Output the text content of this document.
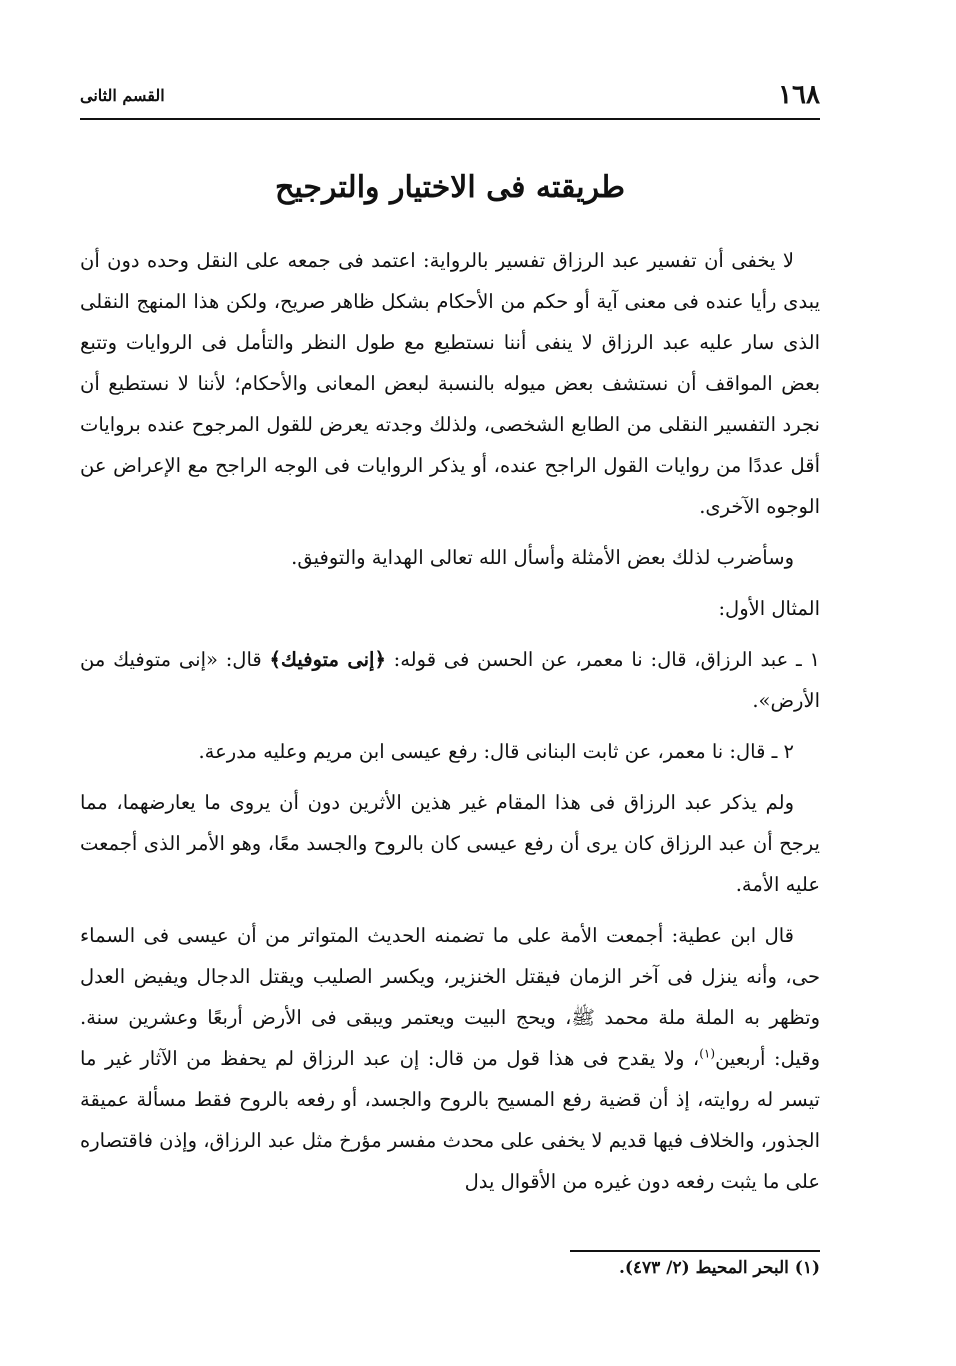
١٦٨
القسم الثانى
طريقته فى الاختيار والترجيح

لا يخفى أن تفسير عبد الرزاق تفسير بالرواية: اعتمد فى جمعه على النقل وحده دون أن يبدى رأيا عنده فى معنى آية أو حكم من الأحكام بشكل ظاهر صريح، ولكن هذا المنهج النقلى الذى سار عليه عبد الرزاق لا ينفى أننا نستطيع مع طول النظر والتأمل فى الروايات وتتبع بعض المواقف أن نستشف بعض ميوله بالنسبة لبعض المعانى والأحكام؛ لأننا لا نستطيع أن نجرد التفسير النقلى من الطابع الشخصى، ولذلك وجدته يعرض للقول المرجوح عنده بروايات أقل عددًا من روايات القول الراجح عنده، أو يذكر الروايات فى الوجه الراجح مع الإعراض عن الوجوه الآخرى.

وسأضرب لذلك بعض الأمثلة وأسأل الله تعالى الهداية والتوفيق.

المثال الأول:

١ ـ عبد الرزاق، قال: نا معمر، عن الحسن فى قوله: ﴿إنى متوفيك﴾ قال: «إنى متوفيك من الأرض».

٢ ـ قال: نا معمر، عن ثابت البنانى قال: رفع عيسى ابن مريم وعليه مدرعة.

ولم يذكر عبد الرزاق فى هذا المقام غير هذين الأثرين دون أن يروى ما يعارضهما، مما يرجح أن عبد الرزاق كان يرى أن رفع عيسى كان بالروح والجسد معًا، وهو الأمر الذى أجمعت عليه الأمة.

قال ابن عطية: أجمعت الأمة على ما تضمنه الحديث المتواتر من أن عيسى فى السماء حى، وأنه ينزل فى آخر الزمان فيقتل الخنزير، ويكسر الصليب ويقتل الدجال ويفيض العدل وتظهر به الملة ملة محمد ﷺ، ويحج البيت ويعتمر ويبقى فى الأرض أربعًا وعشرين سنة. وقيل: أربعين$^{(١)}$، ولا يقدح فى هذا قول من قال: إن عبد الرزاق لم يحفظ من الآثار غير ما تيسر له روايته، إذ أن قضية رفع المسيح بالروح والجسد، أو رفعه بالروح فقط مسألة عميقة الجذور، والخلاف فيها قديم لا يخفى على محدث مفسر مؤرخ مثل عبد الرزاق، وإذن فاقتصاره على ما يثبت رفعه دون غيره من الأقوال يدل

(١) البحر المحيط (٢/ ٤٧٣).
